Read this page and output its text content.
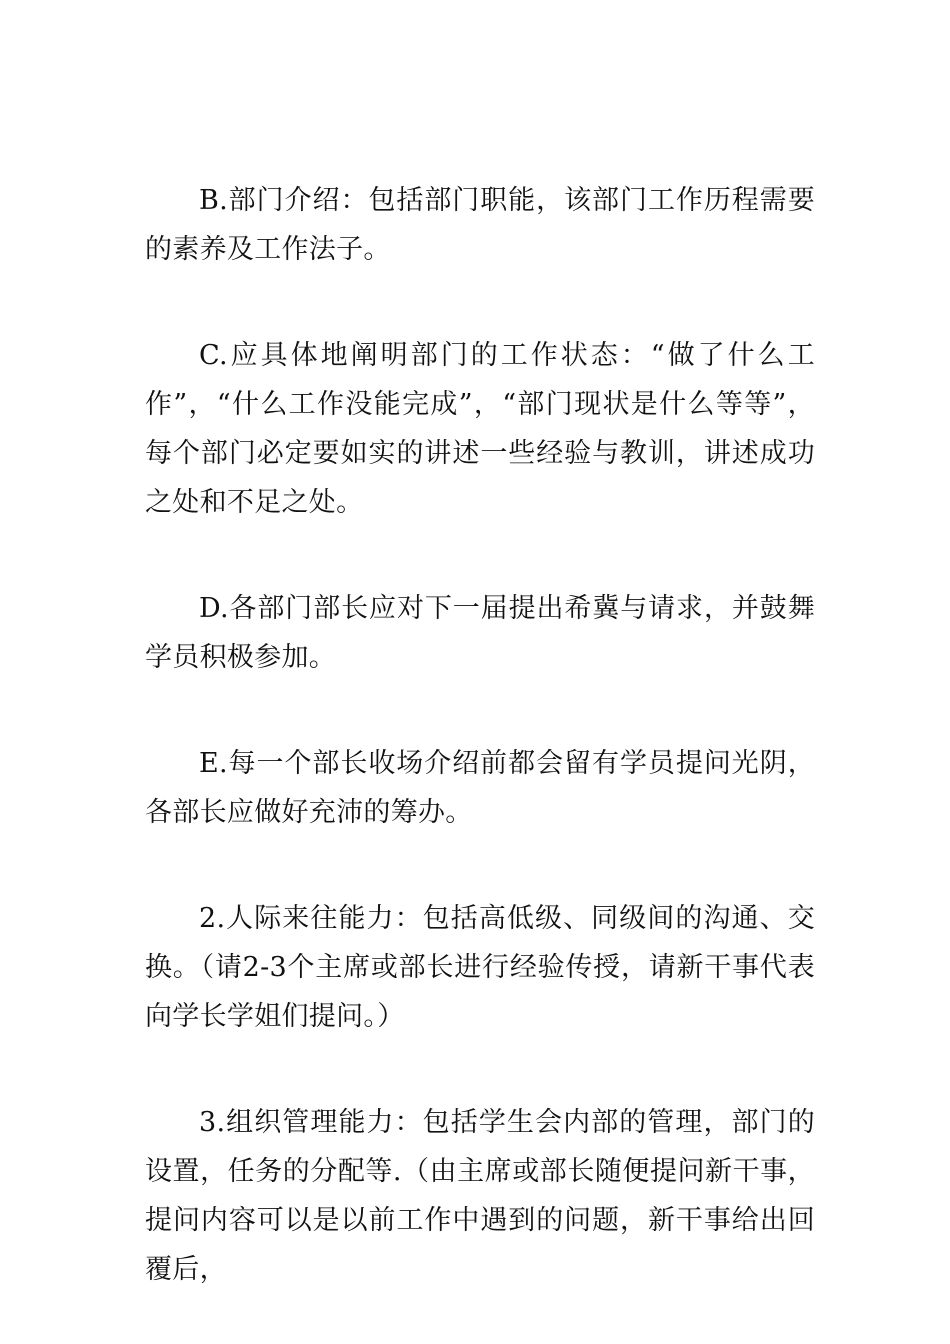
B.部门介绍：包括部门职能，该部门工作历程需要的素养及工作法子。

C.应具体地阐明部门的工作状态：“做了什么工作”，“什么工作没能完成”，“部门现状是什么等等”，每个部门必定要如实的讲述一些经验与教训，讲述成功之处和不足之处。

D.各部门部长应对下一届提出希冀与请求，并鼓舞学员积极参加。

E.每一个部长收场介绍前都会留有学员提问光阴，各部长应做好充沛的筹办。

2.人际来往能力：包括高低级、同级间的沟通、交换。（请2-3个主席或部长进行经验传授，请新干事代表向学长学姐们提问。）

3.组织管理能力：包括学生会内部的管理，部门的设置，任务的分配等.（由主席或部长随便提问新干事，提问内容可以是以前工作中遇到的问题，新干事给出回覆后，
